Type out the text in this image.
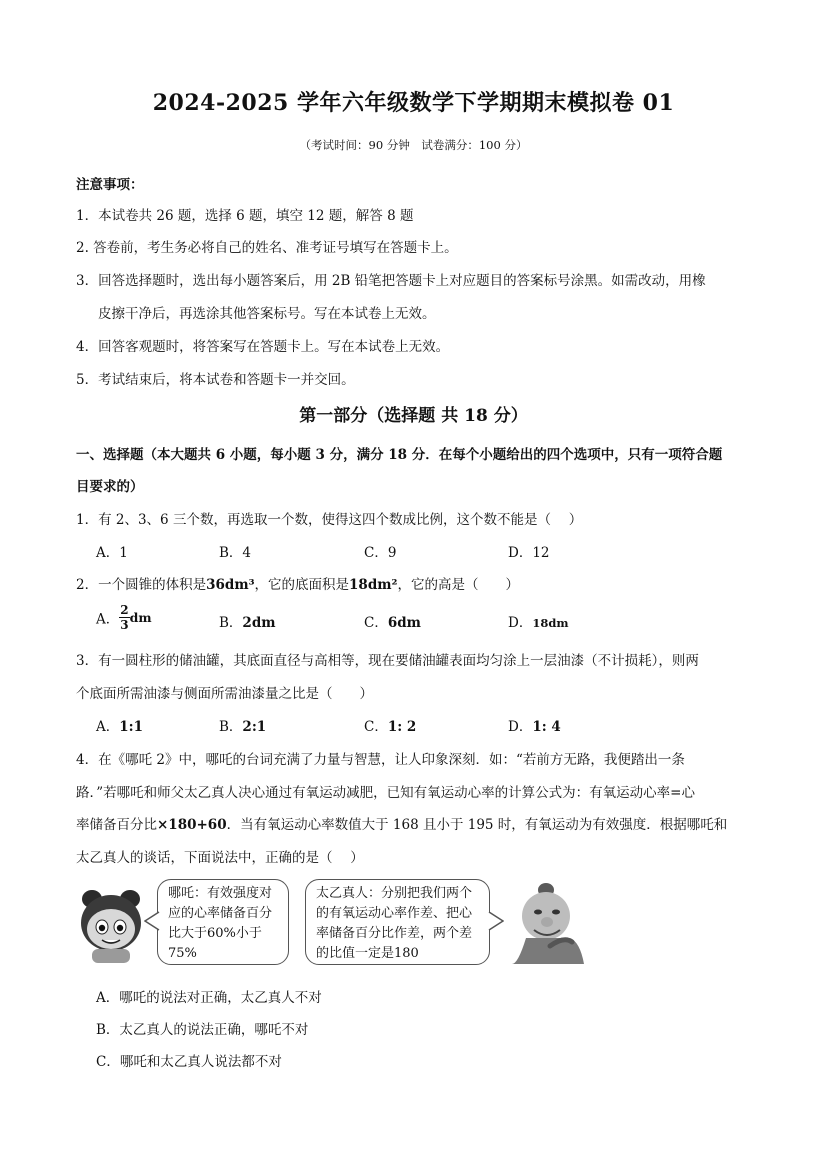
2024-2025 学年六年级数学下学期期末模拟卷 01
（考试时间：90 分钟　试卷满分：100 分）
注意事项：
1．本试卷共 26 题，选择 6 题，填空 12 题，解答 8 题
2. 答卷前，考生务必将自己的姓名、准考证号填写在答题卡上。
3．回答选择题时，选出每小题答案后，用 2B 铅笔把答题卡上对应题目的答案标号涂黑。如需改动，用橡
皮擦干净后，再选涂其他答案标号。写在本试卷上无效。
4．回答客观题时，将答案写在答题卡上。写在本试卷上无效。
5．考试结束后，将本试卷和答题卡一并交回。
第一部分（选择题 共 18 分）
一、选择题（本大题共 6 小题，每小题 3 分，满分 18 分．在每个小题给出的四个选项中，只有一项符合题
目要求的）
1．有 2、3、6 三个数，再选取一个数，使得这四个数成比例，这个数不能是（　 ）
A．1	B．4	C．9	D．12
2．一个圆锥的体积是36dm³，它的底面积是18dm²，它的高是（　　）
A． $\frac{2}{3}$ dm	B．2dm	C．6dm	D．18dm
3．有一圆柱形的储油罐，其底面直径与高相等，现在要储油罐表面均匀涂上一层油漆（不计损耗），则两
个底面所需油漆与侧面所需油漆量之比是（　　）
A．1:1	B．2:1	C．1: 2	D．1: 4
4．在《哪吒 2》中，哪吒的台词充满了力量与智慧，让人印象深刻．如：“若前方无路，我便踏出一条
路．”若哪吒和师父太乙真人决心通过有氧运动减肥，已知有氧运动心率的计算公式为：有氧运动心率=心
率储备百分比×180+60．当有氧运动心率数值大于 168 且小于 195 时，有氧运动为有效强度．根据哪吒和
太乙真人的谈话，下面说法中，正确的是（　 ）
哪吒：有效强度对应的心率储备百分比大于60%小于75%
太乙真人：分别把我们两个的有氧运动心率作差、把心率储备百分比作差，两个差的比值一定是180
A．哪吒的说法对正确，太乙真人不对
B．太乙真人的说法正确，哪吒不对
C．哪吒和太乙真人说法都不对
